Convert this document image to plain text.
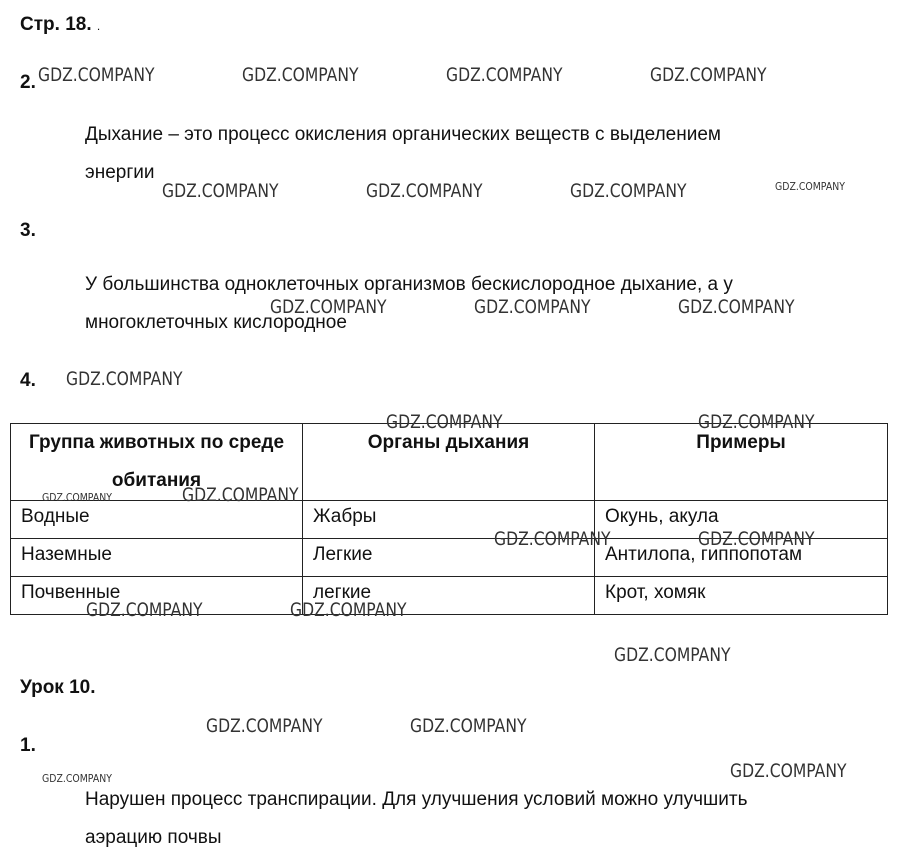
Стр. 18. .
2.
Дыхание – это процесс окисления органических веществ с выделением
энергии
3.
У большинства одноклеточных организмов бескислородное дыхание, а у
многоклеточных кислородное
4.
Группа животных по среде обитания	Органы дыхания	Примеры
Водные	Жабры	Окунь, акула
Наземные	Легкие	Антилопа, гиппопотам
Почвенные	легкие	Крот, хомяк
Урок 10.
1.
Нарушен процесс транспирации. Для улучшения условий можно улучшить
аэрацию почвы
GDZ.COMPANY	GDZ.COMPANY	GDZ.COMPANY	GDZ.COMPANY
GDZ.COMPANY	GDZ.COMPANY	GDZ.COMPANY	GDZ.COMPANY
GDZ.COMPANY	GDZ.COMPANY	GDZ.COMPANY
GDZ.COMPANY
GDZ.COMPANY	GDZ.COMPANY
GDZ.COMPANY	GDZ.COMPANY
GDZ.COMPANY	GDZ.COMPANY
GDZ.COMPANY	GDZ.COMPANY
GDZ.COMPANY
GDZ.COMPANY	GDZ.COMPANY
GDZ.COMPANY	GDZ.COMPANY
